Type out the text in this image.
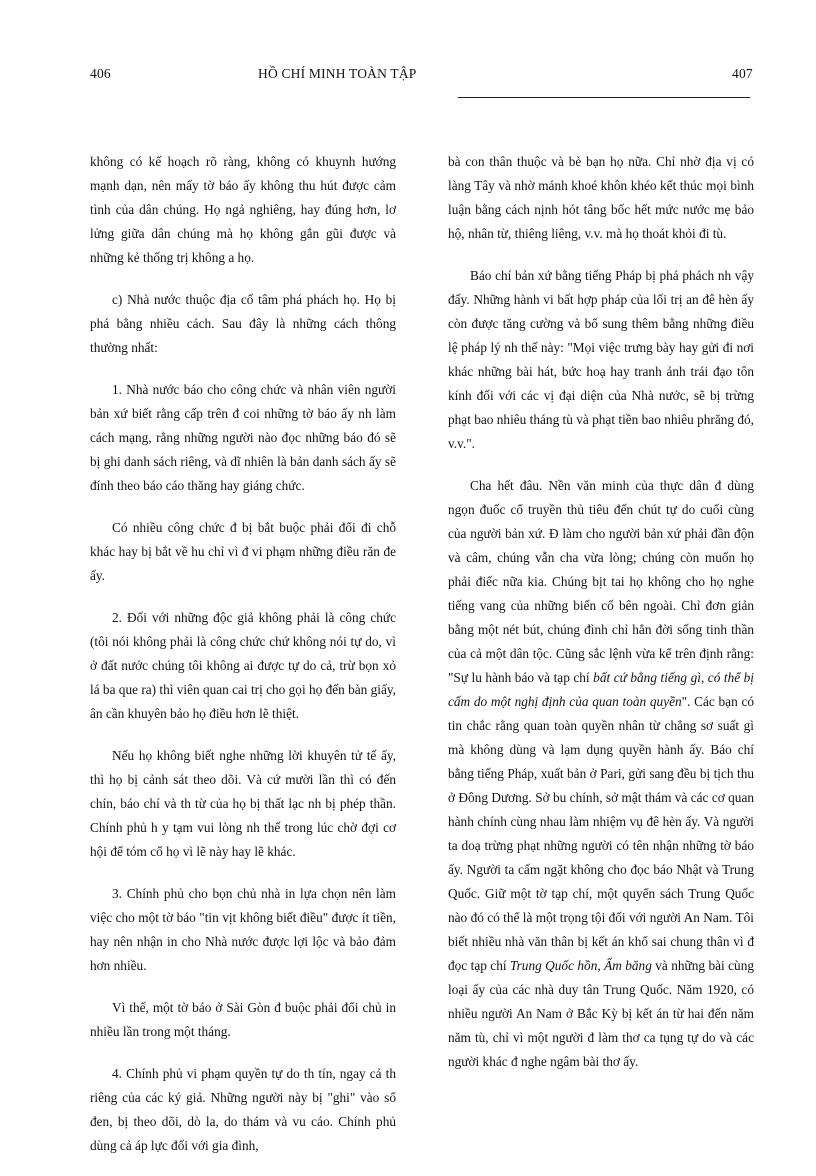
406	HỒ CHÍ MINH TOÀN TẬP	407

không có kế hoạch rõ ràng, không có khuynh hướng mạnh dạn, nên mấy tờ báo ấy không thu hút được cảm tình của dân chúng. Họ ngả nghiêng, hay đúng hơn, lơ lửng giữa dân chúng mà họ không gắn gũi được và những kẻ thống trị không a họ.

c) Nhà nước thuộc địa cố tâm phá phách họ. Họ bị phá bằng nhiều cách. Sau đây là những cách thông thường nhất:

1. Nhà nước báo cho công chức và nhân viên người bản xứ biết rằng cấp trên đ coi những tờ báo ấy nh làm cách mạng, rằng những người nào đọc những báo đó sẽ bị ghi danh sách riêng, và dĩ nhiên là bản danh sách ấy sẽ đính theo báo cáo thăng hay giáng chức.

Có nhiều công chức đ bị bắt buộc phải đổi đi chỗ khác hay bị bắt về hu chỉ vì đ vi phạm những điều răn đe ấy.

2. Đối với những độc giả không phải là công chức (tôi nói không phải là công chức chứ không nói tự do, vì ở đất nước chúng tôi không ai được tự do cả, trừ bọn xỏ lá ba que ra) thì viên quan cai trị cho gọi họ đến bàn giấy, ân cần khuyên bảo họ điều hơn lẽ thiệt.

Nếu họ không biết nghe những lời khuyên tử tế ấy, thì họ bị cảnh sát theo dõi. Và cứ mười lần thì có đến chín, báo chí và th từ của họ bị thất lạc nh bị phép thần. Chính phủ h y tạm vui lòng nh thế trong lúc chờ đợi cơ hội để tóm cổ họ vì lẽ này hay lẽ khác.

3. Chính phủ cho bọn chủ nhà in lựa chọn nên làm việc cho một tờ báo "tin vịt không biết điều" được ít tiền, hay nên nhận in cho Nhà nước được lợi lộc và bảo đảm hơn nhiều.

Vì thế, một tờ báo ở Sài Gòn đ buộc phải đổi chủ in nhiều lần trong một tháng.

4. Chính phủ vi phạm quyền tự do th tín, ngay cả th riêng của các ký giả. Những người này bị "ghi" vào sổ đen, bị theo dõi, dò la, do thám và vu cáo. Chính phủ dùng cả áp lực đối với gia đình,

bà con thân thuộc và bè bạn họ nữa. Chỉ nhờ địa vị có làng Tây và nhờ mánh khoé khôn khéo kết thúc mọi bình luận bằng cách nịnh hót tâng bốc hết mức nước mẹ bảo hộ, nhân từ, thiêng liêng, v.v. mà họ thoát khỏi đi tù.

Báo chí bản xứ bằng tiếng Pháp bị phá phách nh vậy đấy. Những hành vi bất hợp pháp của lối trị an đê hèn ấy còn được tăng cường và bổ sung thêm bằng những điều lệ pháp lý nh thế này: "Mọi việc trưng bày hay gửi đi nơi khác những bài hát, bức hoạ hay tranh ảnh trái đạo tôn kính đối với các vị đại diện của Nhà nước, sẽ bị trừng phạt bao nhiêu tháng tù và phạt tiền bao nhiêu phrăng đó, v.v.".

Cha hết đâu. Nền văn minh của thực dân đ dùng ngọn đuốc cổ truyền thủ tiêu đến chút tự do cuối cùng của người bản xứ. Đ làm cho người bản xứ phải đần độn và câm, chúng vẫn cha vừa lòng; chúng còn muốn họ phải điếc nữa kia. Chúng bịt tai họ không cho họ nghe tiếng vang của những biến cố bên ngoài. Chỉ đơn giản bằng một nét bút, chúng đình chỉ hẳn đời sống tinh thần của cả một dân tộc. Cũng sắc lệnh vừa kể trên định rằng: "Sự lu hành báo và tạp chí bất cứ bằng tiếng gì, có thể bị cấm do một nghị định của quan toàn quyền". Các bạn có tin chắc rằng quan toàn quyền nhân từ chẳng sơ suất gì mà không dùng và lạm dụng quyền hành ấy. Báo chí bằng tiếng Pháp, xuất bản ở Pari, gửi sang đều bị tịch thu ở Đông Dương. Sở bu chính, sở mật thám và các cơ quan hành chính cùng nhau làm nhiệm vụ đê hèn ấy. Và người ta doạ trừng phạt những người có tên nhận những tờ báo ấy. Người ta cấm ngặt không cho đọc báo Nhật và Trung Quốc. Giữ một tờ tạp chí, một quyển sách Trung Quốc nào đó có thể là một trọng tội đối với người An Nam. Tôi biết nhiều nhà văn thân bị kết án khổ sai chung thân vì đ đọc tạp chí Trung Quốc hồn, Ẩm băng và những bài cùng loại ấy của các nhà duy tân Trung Quốc. Năm 1920, có nhiều người An Nam ở Bắc Kỳ bị kết án từ hai đến năm năm tù, chỉ vì một người đ làm thơ ca tụng tự do và các người khác đ nghe ngâm bài thơ ấy.
